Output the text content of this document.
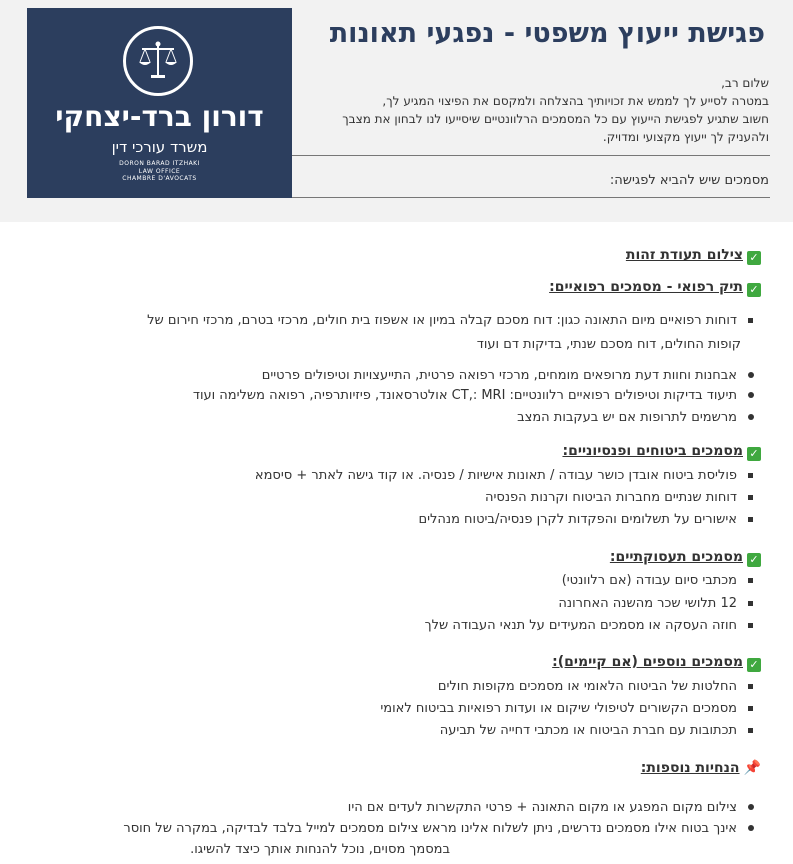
דורון ברד-יצחקי
משרד עורכי דין
DORON BARAD ITZHAKI
LAW OFFICE
CHAMBRE D'AVOCATS
פגישת ייעוץ משפטי - נפגעי תאונות
שלום רב,
במטרה לסייע לך לממש את זכויותיך בהצלחה ולמקסם את הפיצוי המגיע לך,
חשוב שתגיע לפגישת הייעוץ עם כל המסמכים הרלוונטיים שיסייעו לנו לבחון את מצבך
ולהעניק לך ייעוץ מקצועי ומדויק.
מסמכים שיש להביא לפגישה:
✓צילום תעודת זהות
✓תיק רפואי - מסמכים רפואיים:
דוחות רפואיים מיום התאונה כגון: דוח מסכם קבלה במיון או אשפוז בית חולים, מרכזי בטרם, מרכזי חירום של
קופות החולים, דוח מסכם שנתי, בדיקות דם ועוד
אבחנות וחוות דעת מרופאים מומחים, מרכזי רפואה פרטית, התייעצויות וטיפולים פרטיים
תיעוד בדיקות וטיפולים רפואיים רלוונטיים: CT,: MRI אולטרסאונד, פיזיותרפיה, רפואה משלימה ועוד
מרשמים לתרופות אם יש בעקבות המצב
✓מסמכים ביטוחים ופנסיוניים:
פוליסת ביטוח אובדן כושר עבודה / תאונות אישיות / פנסיה. או קוד גישה לאתר + סיסמא
דוחות שנתיים מחברות הביטוח וקרנות הפנסיה
אישורים על תשלומים והפקדות לקרן פנסיה/ביטוח מנהלים
✓מסמכים תעסוקתיים:
מכתבי סיום עבודה (אם רלוונטי)
12 תלושי שכר מהשנה האחרונה
חוזה העסקה או מסמכים המעידים על תנאי העבודה שלך
✓מסמכים נוספים (אם קיימים):
החלטות של הביטוח הלאומי או מסמכים מקופות חולים
מסמכים הקשורים לטיפולי שיקום או ועדות רפואיות בביטוח לאומי
תכתובות עם חברת הביטוח או מכתבי דחייה של תביעה
📌הנחיות נוספות:
צילום מקום המפגע או מקום התאונה + פרטי התקשרות לעדים אם היו
אינך בטוח אילו מסמכים נדרשים, ניתן לשלוח אלינו מראש צילום מסמכים למייל בלבד לבדיקה, במקרה של חוסר
במסמך מסוים, נוכל להנחות אותך כיצד להשיגו.
